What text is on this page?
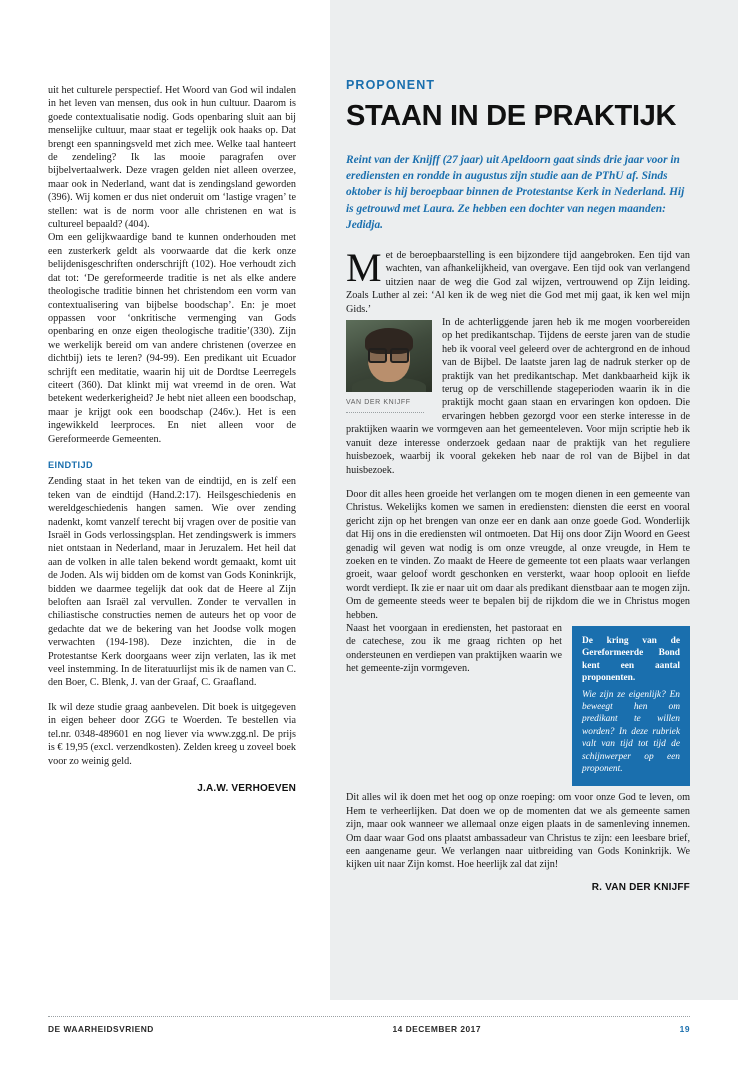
uit het culturele perspectief. Het Woord van God wil indalen in het leven van mensen, dus ook in hun cultuur. Daarom is goede contextualisatie nodig. Gods openbaring sluit aan bij menselijke cultuur, maar staat er tegelijk ook haaks op. Dat brengt een spanningsveld met zich mee. Welke taal hanteert de zendeling? Ik las mooie paragrafen over bijbelvertaalwerk. Deze vragen gelden niet alleen overzee, maar ook in Nederland, want dat is zendingsland geworden (396). Wij komen er dus niet onderuit om ‘lastige vragen’ te stellen: wat is de norm voor alle christenen en wat is cultureel bepaald? (404).

Om een gelijkwaardige band te kunnen onderhouden met een zusterkerk geldt als voorwaarde dat die kerk onze belijdenisgeschriften onderschrijft (102). Hoe verhoudt zich dat tot: ‘De gereformeerde traditie is net als elke andere theologische traditie binnen het christendom een vorm van contextualisering van bijbelse boodschap’. En: je moet oppassen voor ‘onkritische vermenging van Gods openbaring en onze eigen theologische traditie’(330). Zijn we werkelijk bereid om van andere christenen (overzee en dichtbij) iets te leren? (94-99). Een predikant uit Ecuador schrijft een meditatie, waarin hij uit de Dordtse Leerregels citeert (360). Dat klinkt mij wat vreemd in de oren. Wat betekent wederkerigheid? Je hebt niet alleen een boodschap, maar je krijgt ook een boodschap (246v.). Het is een ingewikkeld leerproces. En niet alleen voor de Gereformeerde Gemeenten.

EINDTIJD

Zending staat in het teken van de eindtijd, en is zelf een teken van de eindtijd (Hand.2:17). Heilsgeschiedenis en wereldgeschiedenis hangen samen. Wie over zending nadenkt, komt vanzelf terecht bij vragen over de positie van Israël in Gods verlossingsplan. Het zendingswerk is immers niet ontstaan in Nederland, maar in Jeruzalem. Het heil dat aan de volken in alle talen bekend wordt gemaakt, komt uit de Joden. Als wij bidden om de komst van Gods Koninkrijk, bidden we daarmee tegelijk dat ook dat de Heere al Zijn beloften aan Israël zal vervullen. Zonder te vervallen in chiliastische constructies nemen de auteurs het op voor de gedachte dat we de bekering van het Joodse volk mogen verwachten (194-198). Deze inzichten, die in de Protestantse Kerk doorgaans weer zijn verlaten, las ik met veel instemming. In de literatuurlijst mis ik de namen van C. den Boer, C. Blenk, J. van der Graaf, C. Graafland.

Ik wil deze studie graag aanbevelen. Dit boek is uitgegeven in eigen beheer door ZGG te Woerden. Te bestellen via tel.nr. 0348-489601 en nog liever via www.zgg.nl. De prijs is € 19,95 (excl. verzendkosten). Zelden kreeg u zoveel boek voor zo weinig geld.

J.A.W. VERHOEVEN
PROPONENT
STAAN IN DE PRAKTIJK
Reint van der Knijff (27 jaar) uit Apeldoorn gaat sinds drie jaar voor in erediensten en rondde in augustus zijn studie aan de PThU af. Sinds oktober is hij beroepbaar binnen de Protestantse Kerk in Nederland. Hij is getrouwd met Laura. Ze hebben een dochter van negen maanden: Jedidja.
M et de beroepbaarstelling is een bijzondere tijd aangebroken. Een tijd van wachten, van afhankelijkheid, van overgave. Een tijd ook van verlangend uitzien naar de weg die God zal wijzen, vertrouwend op Zijn leiding. Zoals Luther al zei: ‘Al ken ik de weg niet die God met mij gaat, ik ken wel mijn Gids.’

VAN DER KNIJFF

In de achterliggende jaren heb ik me mogen voorbereiden op het predikantschap. Tijdens de eerste jaren van de studie heb ik vooral veel geleerd over de achtergrond en de inhoud van de Bijbel. De laatste jaren lag de nadruk sterker op de praktijk van het predikantschap. Met dankbaarheid kijk ik terug op de verschillende stageperioden waarin ik in die praktijk mocht gaan staan en ervaringen kon opdoen. Die ervaringen hebben gezorgd voor een sterke interesse in de praktijken waarin we vormgeven aan het gemeenteleven. Voor mijn scriptie heb ik vanuit deze interesse onderzoek gedaan naar de praktijk van het reguliere huisbezoek, waarbij ik vooral gekeken heb naar de rol van de Bijbel in dat huisbezoek.

Door dit alles heen groeide het verlangen om te mogen dienen in een gemeente van Christus. Wekelijks komen we samen in erediensten: diensten die eerst en vooral gericht zijn op het brengen van onze eer en dank aan onze goede God. Wonderlijk dat Hij ons in die erediensten wil ontmoeten. Dat Hij ons door Zijn Woord en Geest genadig wil geven wat nodig is om onze vreugde, al onze vreugde, in Hem te zoeken en te vinden. Zo maakt de Heere de gemeente tot een plaats waar verlangen groeit, waar geloof wordt geschonken en versterkt, waar hoop oplooit en liefde wordt verdiept. Ik zie er naar uit om daar als predikant dienstbaar aan te mogen zijn. Om de gemeente steeds weer te bepalen bij de rijkdom die we in Christus mogen hebben.

De kring van de Gereformeerde Bond kent een aantal proponenten.
Wie zijn ze eigenlijk? En beweegt hen om predikant te willen worden? In deze rubriek valt van tijd tot tijd de schijnwerper op een proponent.

Naast het voorgaan in erediensten, het pastoraat en de catechese, zou ik me graag richten op het ondersteunen en verdiepen van praktijken waarin we het gemeente-zijn vormgeven.

Dit alles wil ik doen met het oog op onze roeping: om voor onze God te leven, om Hem te verheerlijken. Dat doen we op de momenten dat we als gemeente samen zijn, maar ook wanneer we allemaal onze eigen plaats in de samenleving innemen. Om daar waar God ons plaatst ambassadeur van Christus te zijn: een leesbare brief, een aangename geur. We verlangen naar uitbreiding van Gods Koninkrijk. We kijken uit naar Zijn komst. Hoe heerlijk zal dat zijn!

R. VAN DER KNIJFF
DE WAARHEIDSVRIEND	14 DECEMBER 2017	19
